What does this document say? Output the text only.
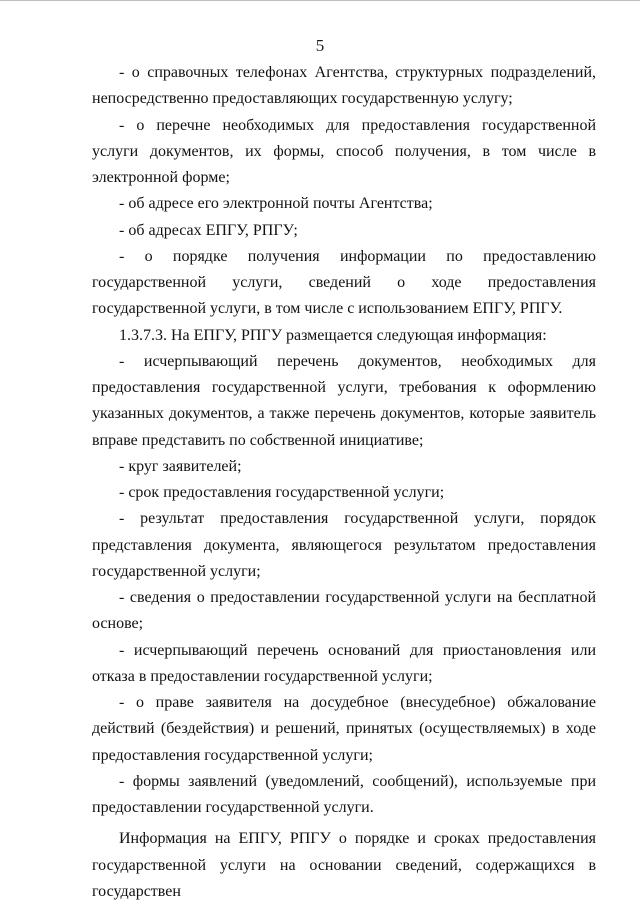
5

- о справочных телефонах Агентства, структурных подразделений, непосредственно предоставляющих государственную услугу;

- о перечне необходимых для предоставления государственной услуги документов, их формы, способ получения, в том числе в электронной форме;

- об адресе его электронной почты Агентства;

- об адресах ЕПГУ, РПГУ;

- о порядке получения информации по предоставлению государственной услуги, сведений о ходе предоставления государственной услуги, в том числе с использованием ЕПГУ, РПГУ.

1.3.7.3. На ЕПГУ, РПГУ размещается следующая информация:

- исчерпывающий перечень документов, необходимых для предоставления государственной услуги, требования к оформлению указанных документов, а также перечень документов, которые заявитель вправе представить по собственной инициативе;

- круг заявителей;

- срок предоставления государственной услуги;

- результат предоставления государственной услуги, порядок представления документа, являющегося результатом предоставления государственной услуги;

- сведения о предоставлении государственной услуги на бесплатной основе;

- исчерпывающий перечень оснований для приостановления или отказа в предоставлении государственной услуги;

- о праве заявителя на досудебное (внесудебное) обжалование действий (бездействия) и решений, принятых (осуществляемых) в ходе предоставления государственной услуги;

- формы заявлений (уведомлений, сообщений), используемые при предоставлении государственной услуги.

Информация на ЕПГУ, РПГУ о порядке и сроках предоставления государственной услуги на основании сведений, содержащихся в государствен
